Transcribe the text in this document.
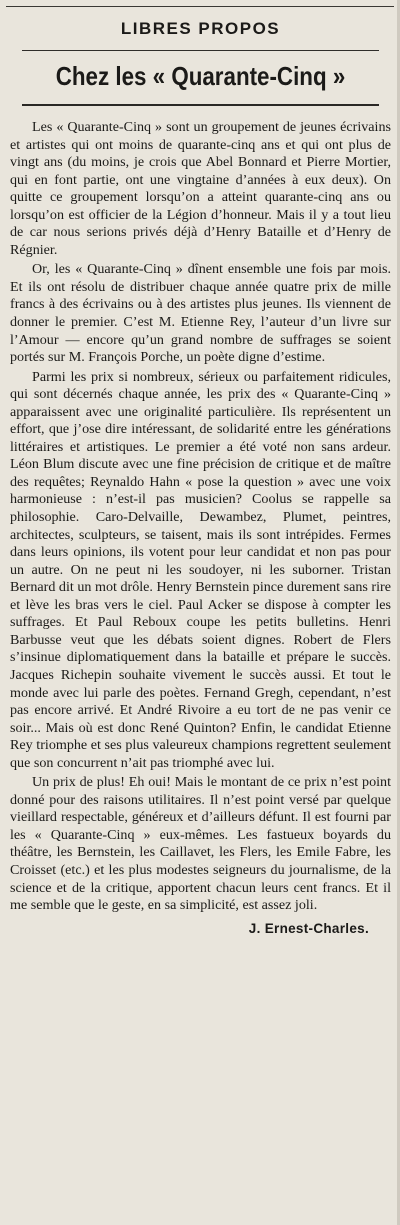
LIBRES PROPOS
Chez les « Quarante-Cinq »

Les « Quarante-Cinq » sont un groupement de jeunes écrivains et artistes qui ont moins de quarante-cinq ans et qui ont plus de vingt ans (du moins, je crois que Abel Bonnard et Pierre Mortier, qui en font partie, ont une vingtaine d’années à eux deux). On quitte ce groupement lorsqu’on a atteint quarante-cinq ans ou lorsqu’on est officier de la Légion d’honneur. Mais il y a tout lieu de car nous serions privés déjà d’Henry Bataille et d’Henry de Régnier.

Or, les « Quarante-Cinq » dînent ensemble une fois par mois. Et ils ont résolu de distribuer chaque année quatre prix de mille francs à des écrivains ou à des artistes plus jeunes. Ils viennent de donner le premier. C’est M. Etienne Rey, l’auteur d’un livre sur l’Amour — encore qu’un grand nombre de suffrages se soient portés sur M. François Porche, un poète digne d’estime.

Parmi les prix si nombreux, sérieux ou parfaitement ridicules, qui sont décernés chaque année, les prix des « Quarante-Cinq » apparaissent avec une originalité particulière. Ils représentent un effort, que j’ose dire intéressant, de solidarité entre les générations littéraires et artistiques. Le premier a été voté non sans ardeur. Léon Blum discute avec une fine précision de critique et de maître des requêtes; Reynaldo Hahn « pose la question » avec une voix harmonieuse : n’est-il pas musicien? Coolus se rappelle sa philosophie. Caro-Delvaille, Dewambez, Plumet, peintres, architectes, sculpteurs, se taisent, mais ils sont intrépides. Fermes dans leurs opinions, ils votent pour leur candidat et non pas pour un autre. On ne peut ni les soudoyer, ni les suborner. Tristan Bernard dit un mot drôle. Henry Bernstein pince durement sans rire et lève les bras vers le ciel. Paul Acker se dispose à compter les suffrages. Et Paul Reboux coupe les petits bulletins. Henri Barbusse veut que les débats soient dignes. Robert de Flers s’insinue diplomatiquement dans la bataille et prépare le succès. Jacques Richepin souhaite vivement le succès aussi. Et tout le monde avec lui parle des poètes. Fernand Gregh, cependant, n’est pas encore arrivé. Et André Rivoire a eu tort de ne pas venir ce soir... Mais où est donc René Quinton? Enfin, le candidat Etienne Rey triomphe et ses plus valeureux champions regrettent seulement que son concurrent n’ait pas triomphé avec lui.

Un prix de plus! Eh oui! Mais le montant de ce prix n’est point donné pour des raisons utilitaires. Il n’est point versé par quelque vieillard respectable, généreux et d’ailleurs défunt. Il est fourni par les « Quarante-Cinq » eux-mêmes. Les fastueux boyards du théâtre, les Bernstein, les Caillavet, les Flers, les Emile Fabre, les Croisset (etc.) et les plus modestes seigneurs du journalisme, de la science et de la critique, apportent chacun leurs cent francs. Et il me semble que le geste, en sa simplicité, est assez joli.

J. Ernest-Charles.
